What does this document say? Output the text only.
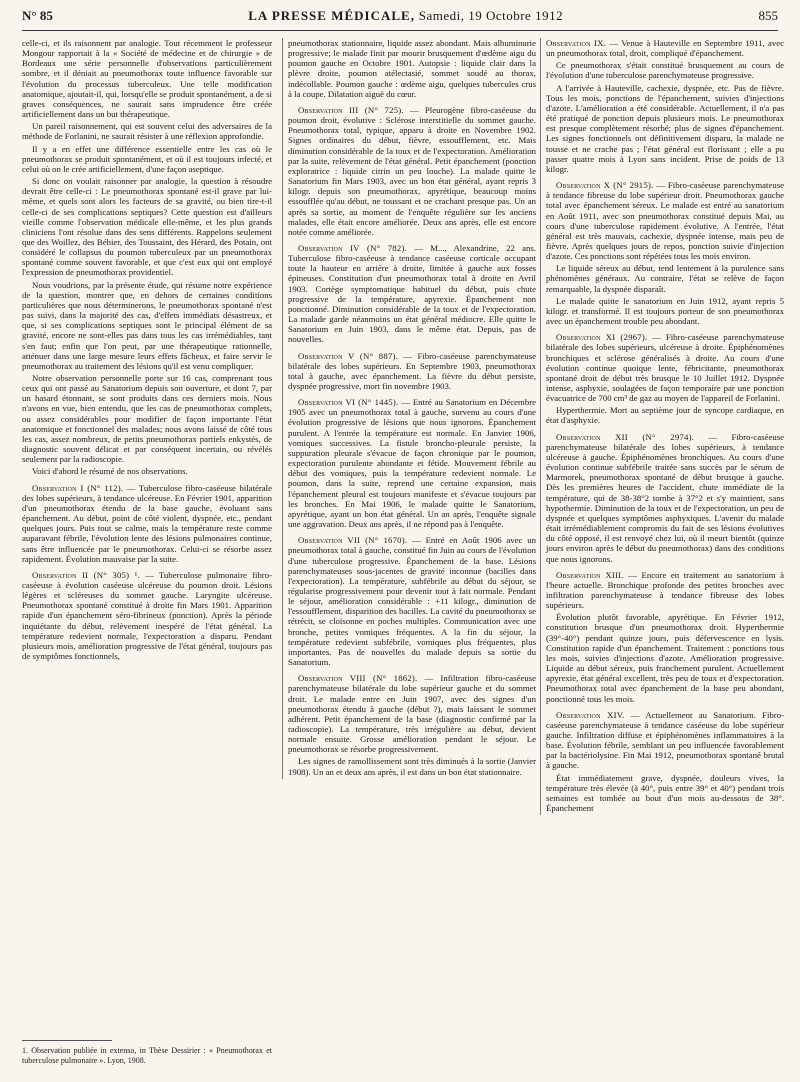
N° 85	LA PRESSE MÉDICALE, Samedi, 19 Octobre 1912	855

celle-ci, et ils raisonnent par analogie. Tout récemment le professeur Mongour rapportait à la « Société de médecine et de chirurgie » de Bordeaux une série personnelle d'observations particulièrement sombre, et il déniait au pneumothorax toute influence favorable sur l'évolution du processus tuberculeux. Une telle modification anatomique, ajoutait-il, qui, lorsqu'elle se produit spontanément, a de si graves conséquences, ne saurait sans imprudence être créée artificiellement dans un but thérapeutique.

Un pareil raisonnement, qui est souvent celui des adversaires de la méthode de Forlanini, ne saurait résister à une réflexion approfondie.

Il y a en effet une différence essentielle entre les cas où le pneumothorax se produit spontanément, et où il est toujours infecté, et celui où on le crée artificiellement, d'une façon aseptique.

Si donc on voulait raisonner par analogie, la question à résoudre devrait être celle-ci : Le pneumothorax spontané est-il grave par lui-même, et quels sont alors les facteurs de sa gravité, ou bien tire-t-il celle-ci de ses complications septiques? Cette question est d'ailleurs vieille comme l'observation médicale elle-même, et les plus grands cliniciens l'ont résolue dans des sens différents. Rappelons seulement que des Woillez, des Béhier, des Toussaint, des Hérard, des Potain, ont considéré le collapsus du poumon tuberculeux par un pneumothorax spontané comme souvent favorable, et que c'est eux qui ont employé l'expression de pneumothorax providentiel.

Nous voudrions, par la présente étude, qui résume notre expérience de la question, montrer que, en dehors de certaines conditions particulières que nous déterminerons, le pneumothorax spontané n'est pas suivi, dans la majorité des cas, d'effets immédiats désastreux, et que, si ses complications septiques sont le principal élément de sa gravité, encore ne sont-elles pas dans tous les cas irrémédiables, tant s'en faut; enfin que l'on peut, par une thérapeutique rationnelle, atténuer dans une large mesure leurs effets fâcheux, et faire servir le pneumothorax au traitement des lésions qu'il est venu compliquer.

Notre observation personnelle porte sur 16 cas, comprenant tous ceux qui ont passé au Sanatorium depuis son ouverture, et dont 7, par un hasard étonnant, se sont produits dans ces derniers mois. Nous n'avons en vue, bien entendu, que les cas de pneumothorax complets, ou assez considérables pour modifier de façon importante l'état anatomique et fonctionnel des malades; nous avons laissé de côté tous les cas, assez nombreux, de petits pneumothorax partiels enkystés, de diagnostic souvent délicat et par conséquent incertain, ou révélés seulement par la radioscopie.

Voici d'abord le résumé de nos observations.

Observation I (N° 112). — Tuberculose fibro-caséeuse bilatérale des lobes supérieurs, à tendance ulcéreuse. En Février 1901, apparition d'un pneumothorax étendu de la base gauche, évoluant sans épanchement. Au début, point de côté violent, dyspnée, etc., pendant quelques jours. Puis tout se calme, mais la température reste comme auparavant fébrile, l'évolution lente des lésions pulmonaires continue, sans être influencée par le pneumothorax. Celui-ci se résorbe assez rapidement. Évolution mauvaise par la suite.

Observation II (N° 305) ¹. — Tuberculose pulmonaire fibro-caséeuse à évolution caséeuse ulcéreuse du poumon droit. Lésions légères et scléreuses du sommet gauche. Laryngite ulcéreuse. Pneumothorax spontané constitué à droite fin Mars 1901. Apparition rapide d'un épanchement séro-fibrineux (ponction). Après la période inquiétante du début, relèvement inespéré de l'état général. La température redevient normale, l'expectoration a disparu. Pendant plusieurs mois, amélioration progressive de l'état général, toujours pas de symptômes fonctionnels,

pneumothorax stationnaire, liquide assez abondant. Mais albuminurie progressive; le malade finit par mourir brusquement d'œdème aigu du poumon gauche en Octobre 1901. Autopsie : liquide clair dans la plèvre droite, poumon atélectasié, sommet soudé au thorax, indécollable. Poumon gauche : œdème aigu, quelques tubercules crus à la coupe. Dilatation aiguë du cœur.

Observation III (N° 725). — Pleurogène fibro-caséeuse du poumon droit, évolutive : Sclérose interstitielle du sommet gauche. Pneumothorax total, typique, apparu à droite en Novembre 1902. Signes ordinaires du début, fièvre, essoufflement, etc. Mais diminution considérable de la toux et de l'expectoration. Amélioration par la suite, relèvement de l'état général. Petit épanchement (ponction exploratrice : liquide citrin un peu louche). La malade quitte le Sanatorium fin Mars 1903, avec un bon état général, ayant repris 3 kilogr. depuis son pneumothorax, apyrétique, beaucoup moins essoufflée qu'au début, ne toussant et ne crachant presque pas. Un an après sa sortie, au moment de l'enquête régulière sur les anciens malades, elle était encore améliorée. Deux ans après, elle est encore notée comme améliorée.

Observation IV (N° 782). — M..., Alexandrine, 22 ans. Tuberculose fibro-caséeuse à tendance caséeuse corticale occupant toute la hauteur en arrière à droite, limitée à gauche aux fosses épineuses. Constitution d'un pneumothorax total à droite en Avril 1903. Cortège symptomatique habituel du début, puis chute progressive de la température, apyrexie. Épanchement non ponctionné. Diminution considérable de la toux et de l'expectoration. La malade garde néanmoins un état général médiocre. Elle quitte le Sanatorium en Juin 1903, dans le même état. Depuis, pas de nouvelles.

Observation V (N° 887). — Fibro-caséeuse parenchymateuse bilatérale des lobes supérieurs. En Septembre 1903, pneumothorax total à gauche, avec épanchement. La fièvre du début persiste, dyspnée progressive, mort fin novembre 1903.

Observation VI (N° 1445). — Entré au Sanatorium en Décembre 1905 avec un pneumothorax total à gauche, survenu au cours d'une évolution progressive de lésions que nous ignorons. Épanchement purulent. A l'entrée la température est normale. En Janvier 1906, vomiques successives. La fistule broncho-pleurale persiste, la suppuration pleurale s'évacue de façon chronique par le poumon, expectoration purulente abondante et fétide. Mouvement fébrile au début des vomiques, puis la température redevient normale. Le poumon, dans la suite, reprend une certaine expansion, mais l'épanchement pleural est toujours manifeste et s'évacue toujours par les bronches. En Mai 1906, le malade quitte le Sanatorium, apyrétique, ayant un bon état général. Un an après, l'enquête signale une aggravation. Deux ans après, il ne répond pas à l'enquête.

Observation VII (N° 1670). — Entré en Août 1906 avec un pneumothorax total à gauche, constitué fin Juin au cours de l'évolution d'une tuberculose progressive. Épanchement de la base. Lésions parenchymateuses sous-jacentes de gravité inconnue (bacilles dans l'expectoration). La température, subfébrile au début du séjour, se régularise progressivement pour devenir tout à fait normale. Pendant le séjour, amélioration considérable : +11 kilogr., diminution de l'essoufflement, disparition des bacilles. La cavité du pneumothorax se rétrécit, se cloisonne en poches multiples. Communication avec une bronche, petites vomiques fréquentes. A la fin du séjour, la température redevient subfébrile, vomiques plus fréquentes, plus importantes. Pas de nouvelles du malade depuis sa sortie du Sanatorium.

Observation VIII (N° 1862). — Infiltration fibro-caséeuse parenchymateuse bilatérale du lobe supérieur gauche et du sommet droit. Le malade entre en Juin 1907, avec des signes d'un pneumothorax étendu à gauche (début ?), mais laissant le sommet adhérent. Petit épanchement de la base (diagnostic confirmé par la radioscopie). La température, très irrégulière au début, devient normale ensuite. Grosse amélioration pendant le séjour. Le pneumothorax se résorbe progressivement.

Les signes de ramollissement sont très diminués à la sortie (Janvier 1908). Un an et deux ans après, il est dans un bon état stationnaire.

Observation IX. — Venue à Hauteville en Septembre 1911, avec un pneumothorax total, droit, compliqué d'épanchement.

Ce pneumothorax s'était constitué brusquement au cours de l'évolution d'une tuberculose parenchymateuse progressive.

A l'arrivée à Hauteville, cachexie, dyspnée, etc. Pas de fièvre. Tous les mois, ponctions de l'épanchement, suivies d'injections d'azote. L'amélioration a été considérable. Actuellement, il n'a pas été pratiqué de ponction depuis plusieurs mois. Le pneumothorax est presque complètement résorbé; plus de signes d'épanchement. Les signes fonctionnels ont définitivement disparu, la malade ne tousse et ne crache pas ; l'état général est florissant ; elle a pu passer quatre mois à Lyon sans incident. Prise de poids de 13 kilogr.

Observation X (N° 2915). — Fibro-caséeuse parenchymateuse à tendance fibreuse du lobe supérieur droit. Pneumothorax gauche total avec épanchement séreux. Le malade est entré au sanatorium en Août 1911, avec son pneumothorax constitué depuis Mai, au cours d'une tuberculose rapidement évolutive. A l'entrée, l'état général est très mauvais, cachexie, dyspnée intense, mais peu de fièvre. Après quelques jours de repos, ponction suivie d'injection d'azote. Ces ponctions sont répétées tous les mois environ.

Le liquide séreux au début, tend lentement à la purulence sans phénomènes généraux. Au contraire, l'état se relève de façon remarquable, la dyspnée disparaît.

Le malade quitte le sanatorium en Juin 1912, ayant repris 5 kilogr. et transformé. Il est toujours porteur de son pneumothorax avec un épanchement trouble peu abondant.

Observation XI (2967). — Fibro-caséeuse parenchymateuse bilatérale des lobes supérieurs, ulcéreuse à droite. Épiphénomènes bronchiques et sclérose généralisés à droite. Au cours d'une évolution continue quoique lente, fébricitante, pneumothorax spontané droit de début très brusque le 10 Juillet 1912. Dyspnée intense, asphyxie, soulagées de façon temporaire par une ponction évacuatrice de 700 cm³ de gaz au moyen de l'appareil de Forlanini.

Hyperthermie. Mort au septième jour de syncope cardiaque, en état d'asphyxie.

Observation XII (N° 2974). — Fibro-caséeuse parenchymateuse bilatérale des lobes supérieurs, à tendance ulcéreuse à gauche. Épiphénomènes bronchiques. Au cours d'une évolution continue subfébrile traitée sans succès par le sérum de Marmorek, pneumothorax spontané de début brusque à gauche. Dès les premières heures de l'accident, chute immédiate de la température, qui de 38-38°2 tombe à 37°2 et s'y maintient, sans hypothermie. Diminution de la toux et de l'expectoration, un peu de dyspnée et quelques symptômes asphyxiques. L'avenir du malade était irrémédiablement compromis du fait de ses lésions évolutives du côté opposé, il est renvoyé chez lui, où il meurt bientôt (quinze jours environ après le début du pneumothorax) dans des conditions que nous ignorons.

Observation XIII. — Encore en traitement au sanatorium à l'heure actuelle. Bronchique profonde des petites bronches avec infiltration parenchymateuse à tendance fibreuse des lobes supérieurs.

Évolution plutôt favorable, apyrétique. En Février 1912, constitution brusque d'un pneumothorax droit. Hyperthermie (39°-40°) pendant quinze jours, puis défervescence en lysis. Constitution rapide d'un épanchement. Traitement : ponctions tous les mois, suivies d'injections d'azote. Amélioration progressive. Liquide au début séreux, puis franchement purulent. Actuellement apyrexie, état général excellent, très peu de toux et d'expectoration. Pneumothorax total avec épanchement de la base peu abondant, ponctionné tous les mois.

Observation XIV. — Actuellement au Sanatorium. Fibro-caséeuse parenchymateuse à tendance caséeuse du lobe supérieur gauche. Infiltration diffuse et épiphénomènes inflammatoires à la base. Évolution fébrile, semblant un peu influencée favorablement par la bactériolysine. Fin Mai 1912, pneumothorax spontané brutal à gauche.

État immédiatement grave, dyspnée, douleurs vives, la température très élevée (à 40°, puis entre 39° et 40°) pendant trois semaines est tombée au bout d'un mois au-dessous de 38°. Épanchement

1. Observation publiée in extenso, in Thèse Dessirier : « Pneumothorax et tuberculose pulmonaire ». Lyon, 1908.
